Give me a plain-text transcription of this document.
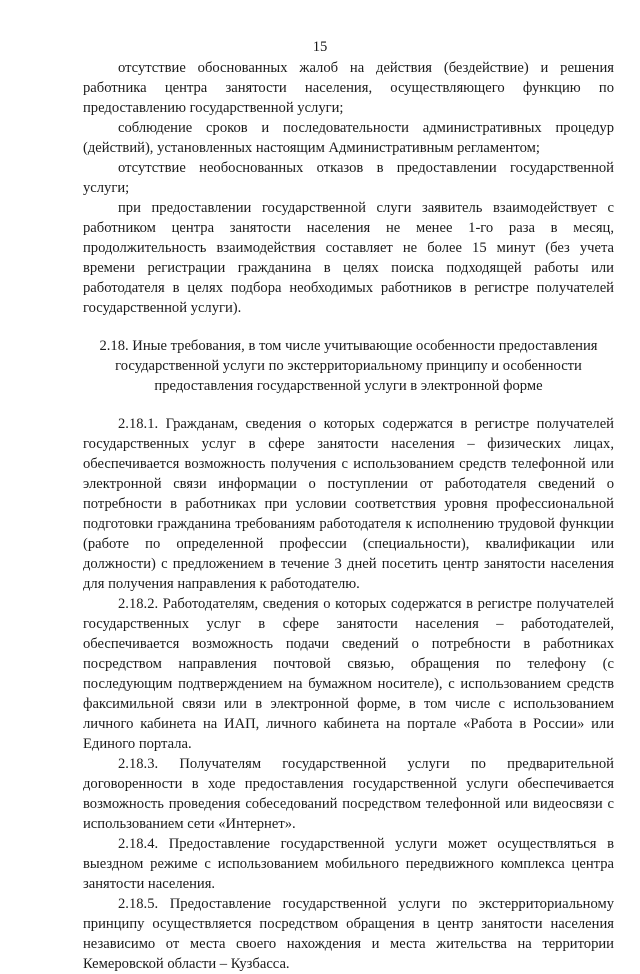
15

отсутствие обоснованных жалоб на действия (бездействие) и решения работника центра занятости населения, осуществляющего функцию по предоставлению государственной услуги;

соблюдение сроков и последовательности административных процедур (действий), установленных настоящим Административным регламентом;

отсутствие необоснованных отказов в предоставлении государственной услуги;

при предоставлении государственной слуги заявитель взаимодействует с работником центра занятости населения не менее 1-го раза в месяц, продолжительность взаимодействия составляет не более 15 минут (без учета времени регистрации гражданина в целях поиска подходящей работы или работодателя в целях подбора необходимых работников в регистре получателей государственной услуги).

2.18. Иные требования, в том числе учитывающие особенности предоставления
государственной услуги по экстерриториальному принципу и особенности
предоставления государственной услуги в электронной форме

2.18.1. Гражданам, сведения о которых содержатся в регистре получателей государственных услуг в сфере занятости населения – физических лицах, обеспечивается возможность получения с использованием средств телефонной или электронной связи информации о поступлении от работодателя сведений о потребности в работниках при условии соответствия уровня профессиональной подготовки гражданина требованиям работодателя к исполнению трудовой функции (работе по определенной профессии (специальности), квалификации или должности) с предложением в течение 3 дней посетить центр занятости населения для получения направления к работодателю.

2.18.2. Работодателям, сведения о которых содержатся в регистре получателей государственных услуг в сфере занятости населения – работодателей, обеспечивается возможность подачи сведений о потребности в работниках посредством направления почтовой связью, обращения по телефону (с последующим подтверждением на бумажном носителе), с использованием средств факсимильной связи или в электронной форме, в том числе с использованием личного кабинета на ИАП, личного кабинета на портале «Работа в России» или Единого портала.

2.18.3. Получателям государственной услуги по предварительной договоренности в ходе предоставления государственной услуги обеспечивается возможность проведения собеседований посредством телефонной или видеосвязи с использованием сети «Интернет».

2.18.4. Предоставление государственной услуги может осуществляться в выездном режиме с использованием мобильного передвижного комплекса центра занятости населения.

2.18.5. Предоставление государственной услуги по экстерриториальному принципу осуществляется посредством обращения в центр занятости населения независимо от места своего нахождения и места жительства на территории Кемеровской области – Кузбасса.
